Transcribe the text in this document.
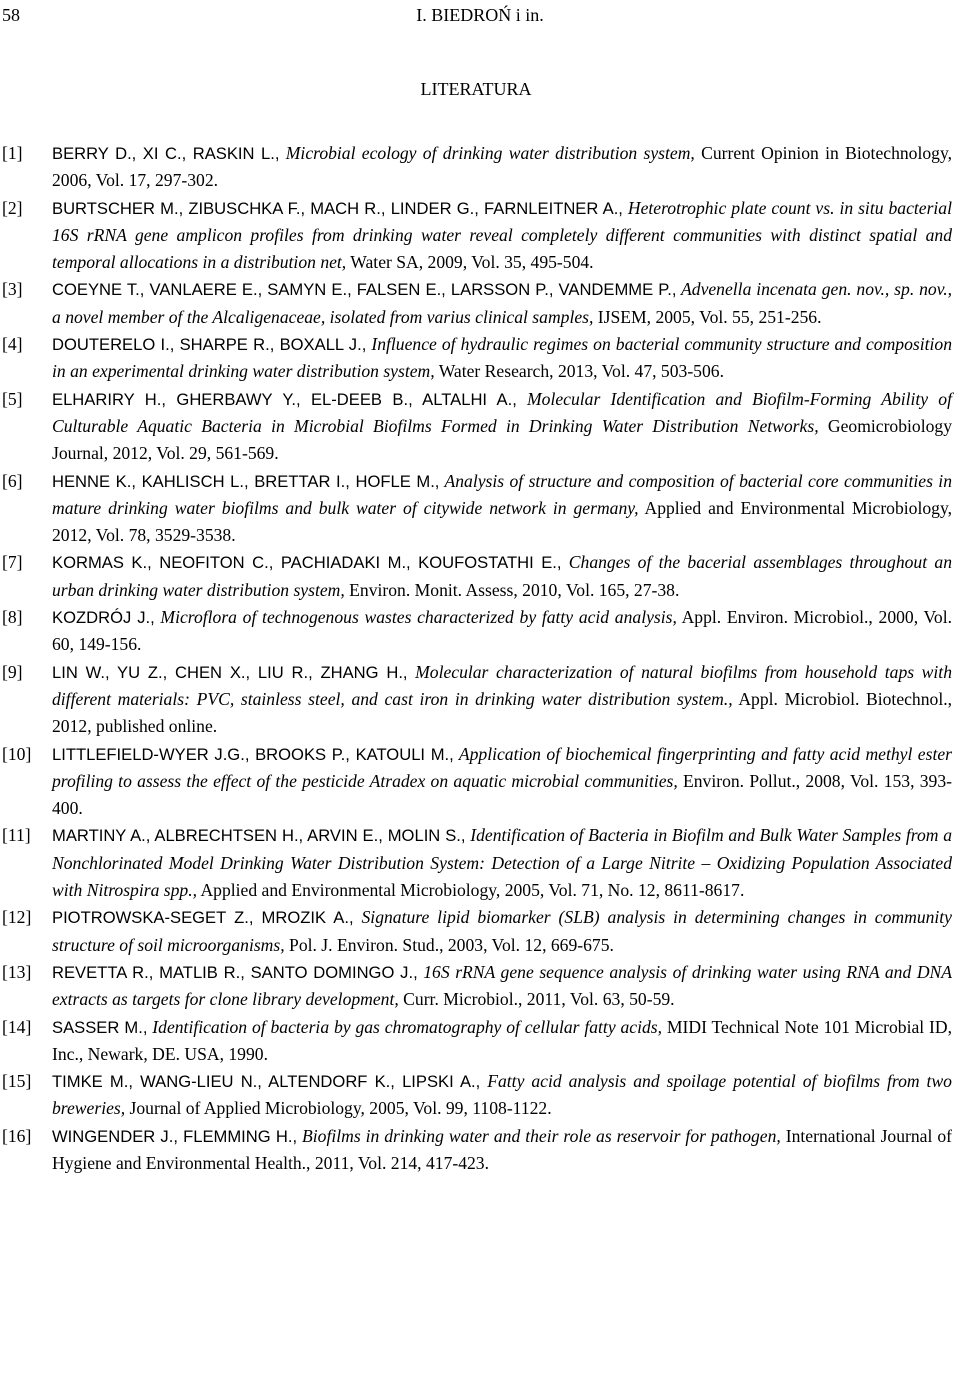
58	I. BIEDROŃ i in.
LITERATURA
[1] BERRY D., XI C., RASKIN L., Microbial ecology of drinking water distribution system, Current Opinion in Biotechnology, 2006, Vol. 17, 297-302.
[2] BURTSCHER M., ZIBUSCHKA F., MACH R., LINDER G., FARNLEITNER A., Heterotrophic plate count vs. in situ bacterial 16S rRNA gene amplicon profiles from drinking water reveal completely different communities with distinct spatial and temporal allocations in a distribution net, Water SA, 2009, Vol. 35, 495-504.
[3] COEYNE T., VANLAERE E., SAMYN E., FALSEN E., LARSSON P., VANDEMME P., Advenella incenata gen. nov., sp. nov., a novel member of the Alcaligenaceae, isolated from varius clinical samples, IJSEM, 2005, Vol. 55, 251-256.
[4] DOUTERELO I., SHARPE R., BOXALL J., Influence of hydraulic regimes on bacterial community structure and composition in an experimental drinking water distribution system, Water Research, 2013, Vol. 47, 503-506.
[5] ELHARIRY H., GHERBAWY Y., EL-DEEB B., ALTALHI A., Molecular Identification and Biofilm-Forming Ability of Culturable Aquatic Bacteria in Microbial Biofilms Formed in Drinking Water Distribution Networks, Geomicrobiology Journal, 2012, Vol. 29, 561-569.
[6] HENNE K., KAHLISCH L., BRETTAR I., HOFLE M., Analysis of structure and composition of bacterial core communities in mature drinking water biofilms and bulk water of citywide network in germany, Applied and Environmental Microbiology, 2012, Vol. 78, 3529-3538.
[7] KORMAS K., NEOFITON C., PACHIADAKI M., KOUFOSTATHI E., Changes of the bacerial assemblages throughout an urban drinking water distribution system, Environ. Monit. Assess, 2010, Vol. 165, 27-38.
[8] KOZDRÓJ J., Microflora of technogenous wastes characterized by fatty acid analysis, Appl. Environ. Microbiol., 2000, Vol. 60, 149-156.
[9] LIN W., YU Z., CHEN X., LIU R., ZHANG H., Molecular characterization of natural biofilms from household taps with different materials: PVC, stainless steel, and cast iron in drinking water distribution system., Appl. Microbiol. Biotechnol., 2012, published online.
[10] LITTLEFIELD-WYER J.G., BROOKS P., KATOULI M., Application of biochemical fingerprinting and fatty acid methyl ester profiling to assess the effect of the pesticide Atradex on aquatic microbial communities, Environ. Pollut., 2008, Vol. 153, 393-400.
[11] MARTINY A., ALBRECHTSEN H., ARVIN E., MOLIN S., Identification of Bacteria in Biofilm and Bulk Water Samples from a Nonchlorinated Model Drinking Water Distribution System: Detection of a Large Nitrite – Oxidizing Population Associated with Nitrospira spp., Applied and Environmental Microbiology, 2005, Vol. 71, No. 12, 8611-8617.
[12] PIOTROWSKA-SEGET Z., MROZIK A., Signature lipid biomarker (SLB) analysis in determining changes in community structure of soil microorganisms, Pol. J. Environ. Stud., 2003, Vol. 12, 669-675.
[13] REVETTA R., MATLIB R., SANTO DOMINGO J., 16S rRNA gene sequence analysis of drinking water using RNA and DNA extracts as targets for clone library development, Curr. Microbiol., 2011, Vol. 63, 50-59.
[14] SASSER M., Identification of bacteria by gas chromatography of cellular fatty acids, MIDI Technical Note 101 Microbial ID, Inc., Newark, DE. USA, 1990.
[15] TIMKE M., WANG-LIEU N., ALTENDORF K., LIPSKI A., Fatty acid analysis and spoilage potential of biofilms from two breweries, Journal of Applied Microbiology, 2005, Vol. 99, 1108-1122.
[16] WINGENDER J., FLEMMING H., Biofilms in drinking water and their role as reservoir for pathogen, International Journal of Hygiene and Environmental Health., 2011, Vol. 214, 417-423.
